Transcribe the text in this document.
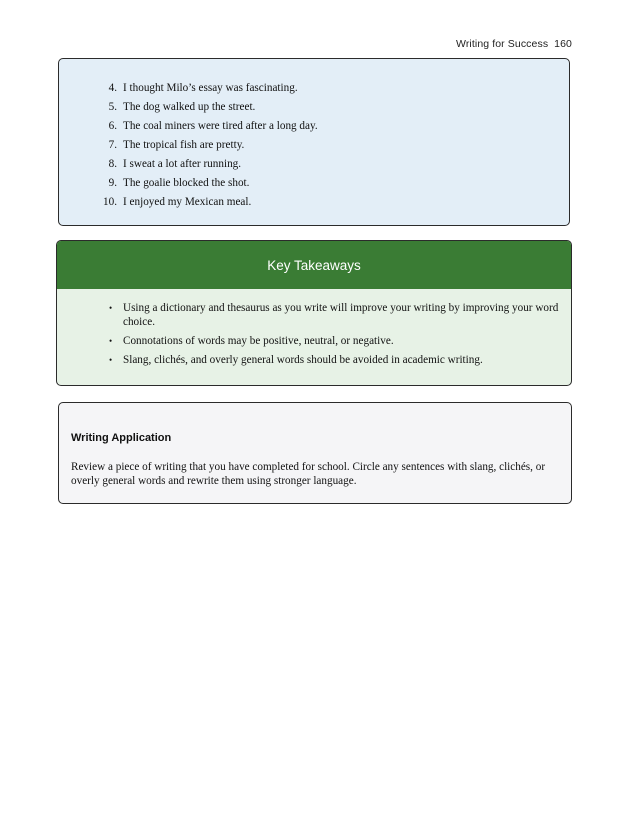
Writing for Success 160
4. I thought Milo’s essay was fascinating.
5. The dog walked up the street.
6. The coal miners were tired after a long day.
7. The tropical fish are pretty.
8. I sweat a lot after running.
9. The goalie blocked the shot.
10. I enjoyed my Mexican meal.
Key Takeaways
• Using a dictionary and thesaurus as you write will improve your writing by improving your word choice.
• Connotations of words may be positive, neutral, or negative.
• Slang, clichés, and overly general words should be avoided in academic writing.
Writing Application

Review a piece of writing that you have completed for school. Circle any sentences with slang, clichés, or overly general words and rewrite them using stronger language.
